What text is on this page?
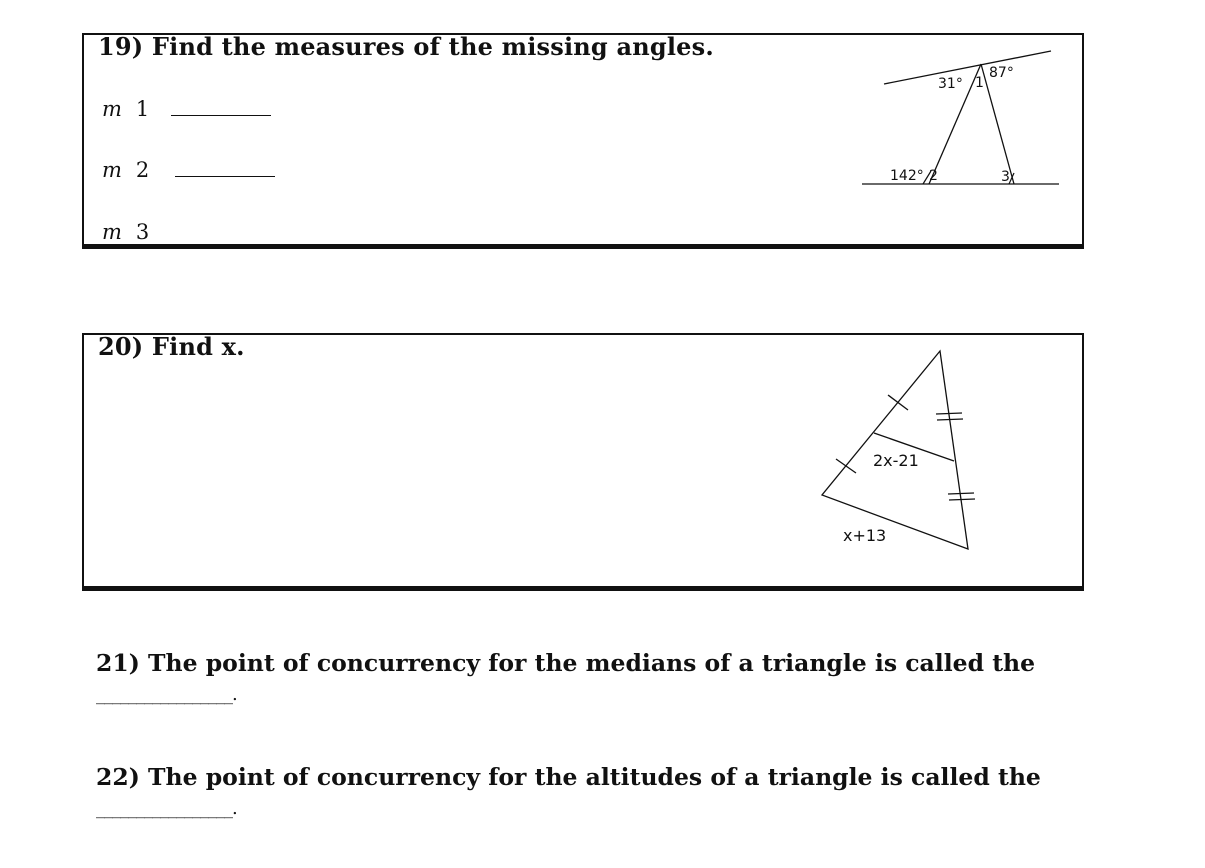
19) Find the measures of the missing angles.
m 1
m 2
m 3
31° 1
87°
142° 2	3
20) Find x.
2x-21
x+13
21) The point of concurrency for the medians of a triangle is called the
_________________.
22) The point of concurrency for the altitudes of a triangle is called the
_________________.
